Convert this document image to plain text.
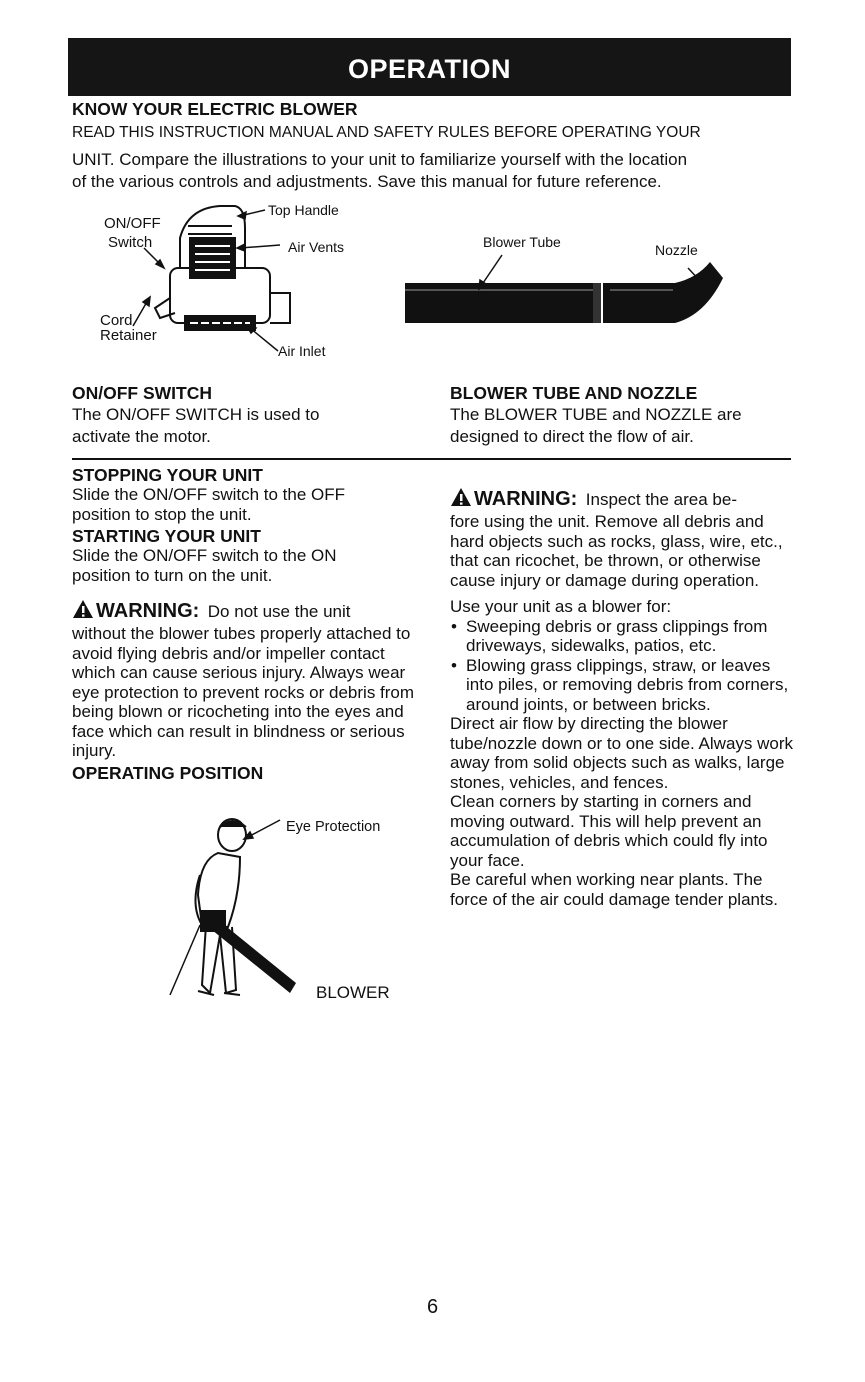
OPERATION
KNOW YOUR ELECTRIC BLOWER
READ THIS INSTRUCTION MANUAL AND SAFETY RULES BEFORE OPERATING YOUR
UNIT. Compare the illustrations to your unit to familiarize yourself with the location
of the various controls and adjustments. Save this manual for future reference.
ON/OFF
Switch
Top Handle
Air Vents
Cord
Retainer
Air Inlet
Blower Tube	Nozzle
ON/OFF SWITCH
The ON/OFF SWITCH is used to
activate the motor.
BLOWER TUBE AND NOZZLE
The BLOWER TUBE and NOZZLE are
designed to direct the flow of air.
STOPPING YOUR UNIT
Slide the ON/OFF switch to the OFF position to stop the unit.
STARTING YOUR UNIT
Slide the ON/OFF switch to the ON position to turn on the unit.
WARNING: Do not use the unit
without the blower tubes properly attached to avoid flying debris and/or impeller contact which can cause serious injury. Always wear eye protection to prevent rocks or debris from being blown or ricocheting into the eyes and face which can result in blindness or serious injury.
OPERATING POSITION
Eye Protection
BLOWER
WARNING: Inspect the area be-
fore using the unit. Remove all debris and hard objects such as rocks, glass, wire, etc., that can ricochet, be thrown, or otherwise cause injury or damage during operation.
Use your unit as a blower for:
• Sweeping debris or grass clippings from driveways, sidewalks, patios, etc.
• Blowing grass clippings, straw, or leaves into piles, or removing debris from corners, around joints, or between bricks.
Direct air flow by directing the blower tube/nozzle down or to one side. Always work away from solid objects such as walks, large stones, vehicles, and fences.
Clean corners by starting in corners and moving outward. This will help prevent an accumulation of debris which could fly into your face.
Be careful when working near plants. The force of the air could damage tender plants.
6
